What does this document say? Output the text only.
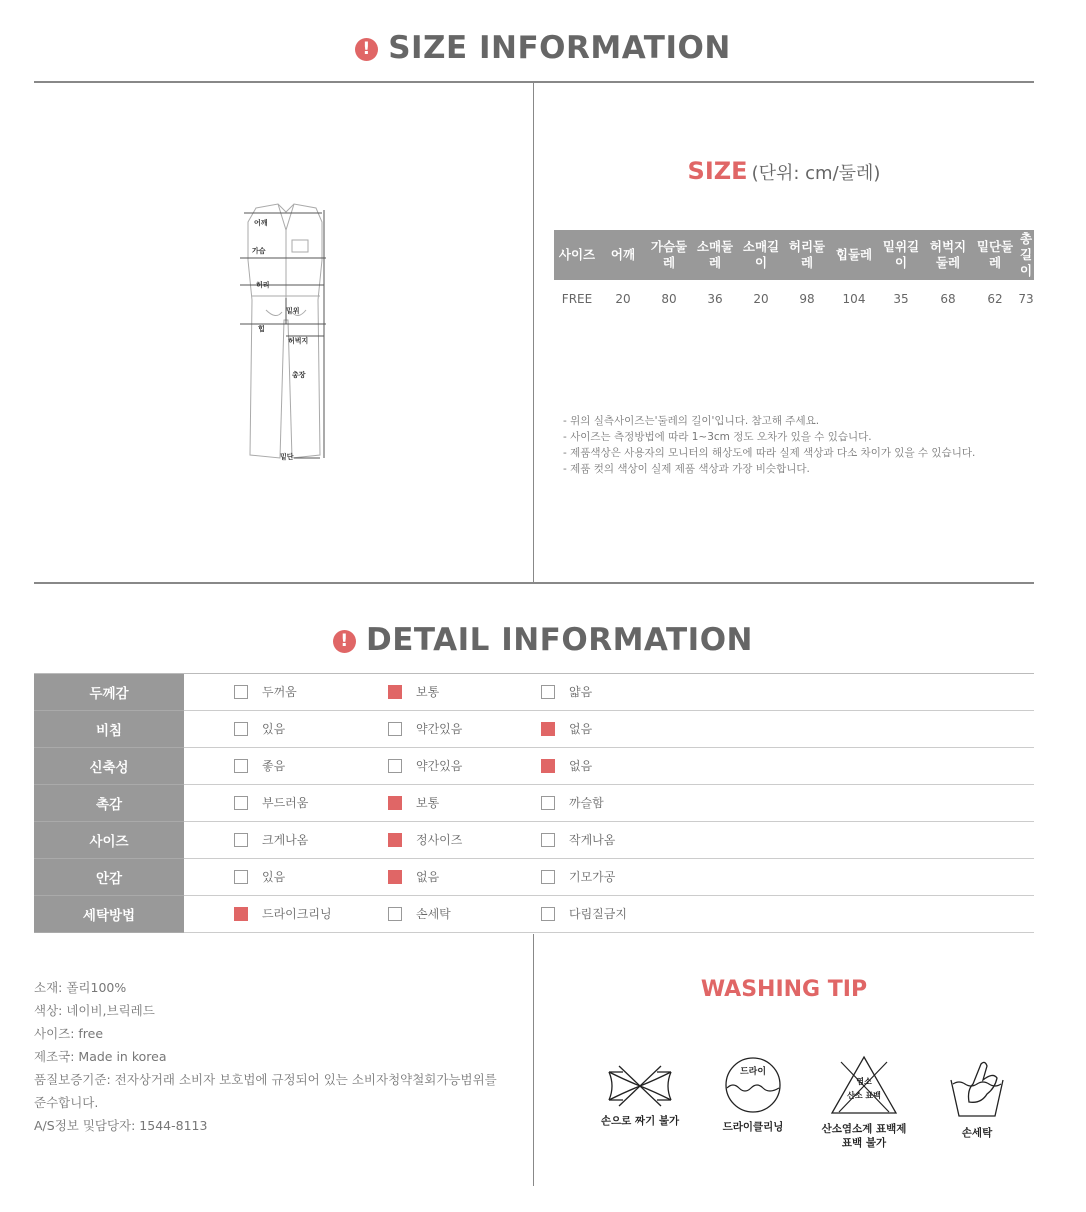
! SIZE INFORMATION
어깨
가슴
허리
밑위
힙
허벅지
총장
밑단
SIZE (단위: cm/둘레)
사이즈	어깨	가슴둘레	소매둘레	소매길이	허리둘레	힙둘레	밑위길이	허벅지둘레	밑단둘레	총길이
FREE	20	80	36	20	98	104	35	68	62	73
- 위의 실측사이즈는'둘레의 길이'입니다. 참고해 주세요.
- 사이즈는 측정방법에 따라 1~3cm 정도 오차가 있을 수 있습니다.
- 제품색상은 사용자의 모니터의 해상도에 따라 실제 색상과 다소 차이가 있을 수 있습니다.
- 제품 컷의 색상이 실제 제품 색상과 가장 비슷합니다.
! DETAIL INFORMATION
두께감	두꺼움 보통 얇음

비침	있음 약간있음 없음

신축성	좋음 약간있음 없음

촉감	부드러움 보통 까슬함

사이즈	크게나옴 정사이즈 작게나옴

안감	있음 없음 기모가공

세탁방법	드라이크리닝 손세탁 다림질금지
소재: 폴리100%
색상: 네이비,브릭레드
사이즈: free
제조국: Made in korea
품질보증기준: 전자상거래 소비자 보호법에 규정되어 있는 소비자청약철회가능범위를
준수합니다.
A/S정보 및담당자: 1544-8113
WASHING TIP
손으로 짜기 불가
드라이
드라이클리닝
염소
산소 표백
산소염소계 표백제
표백 불가
손세탁
